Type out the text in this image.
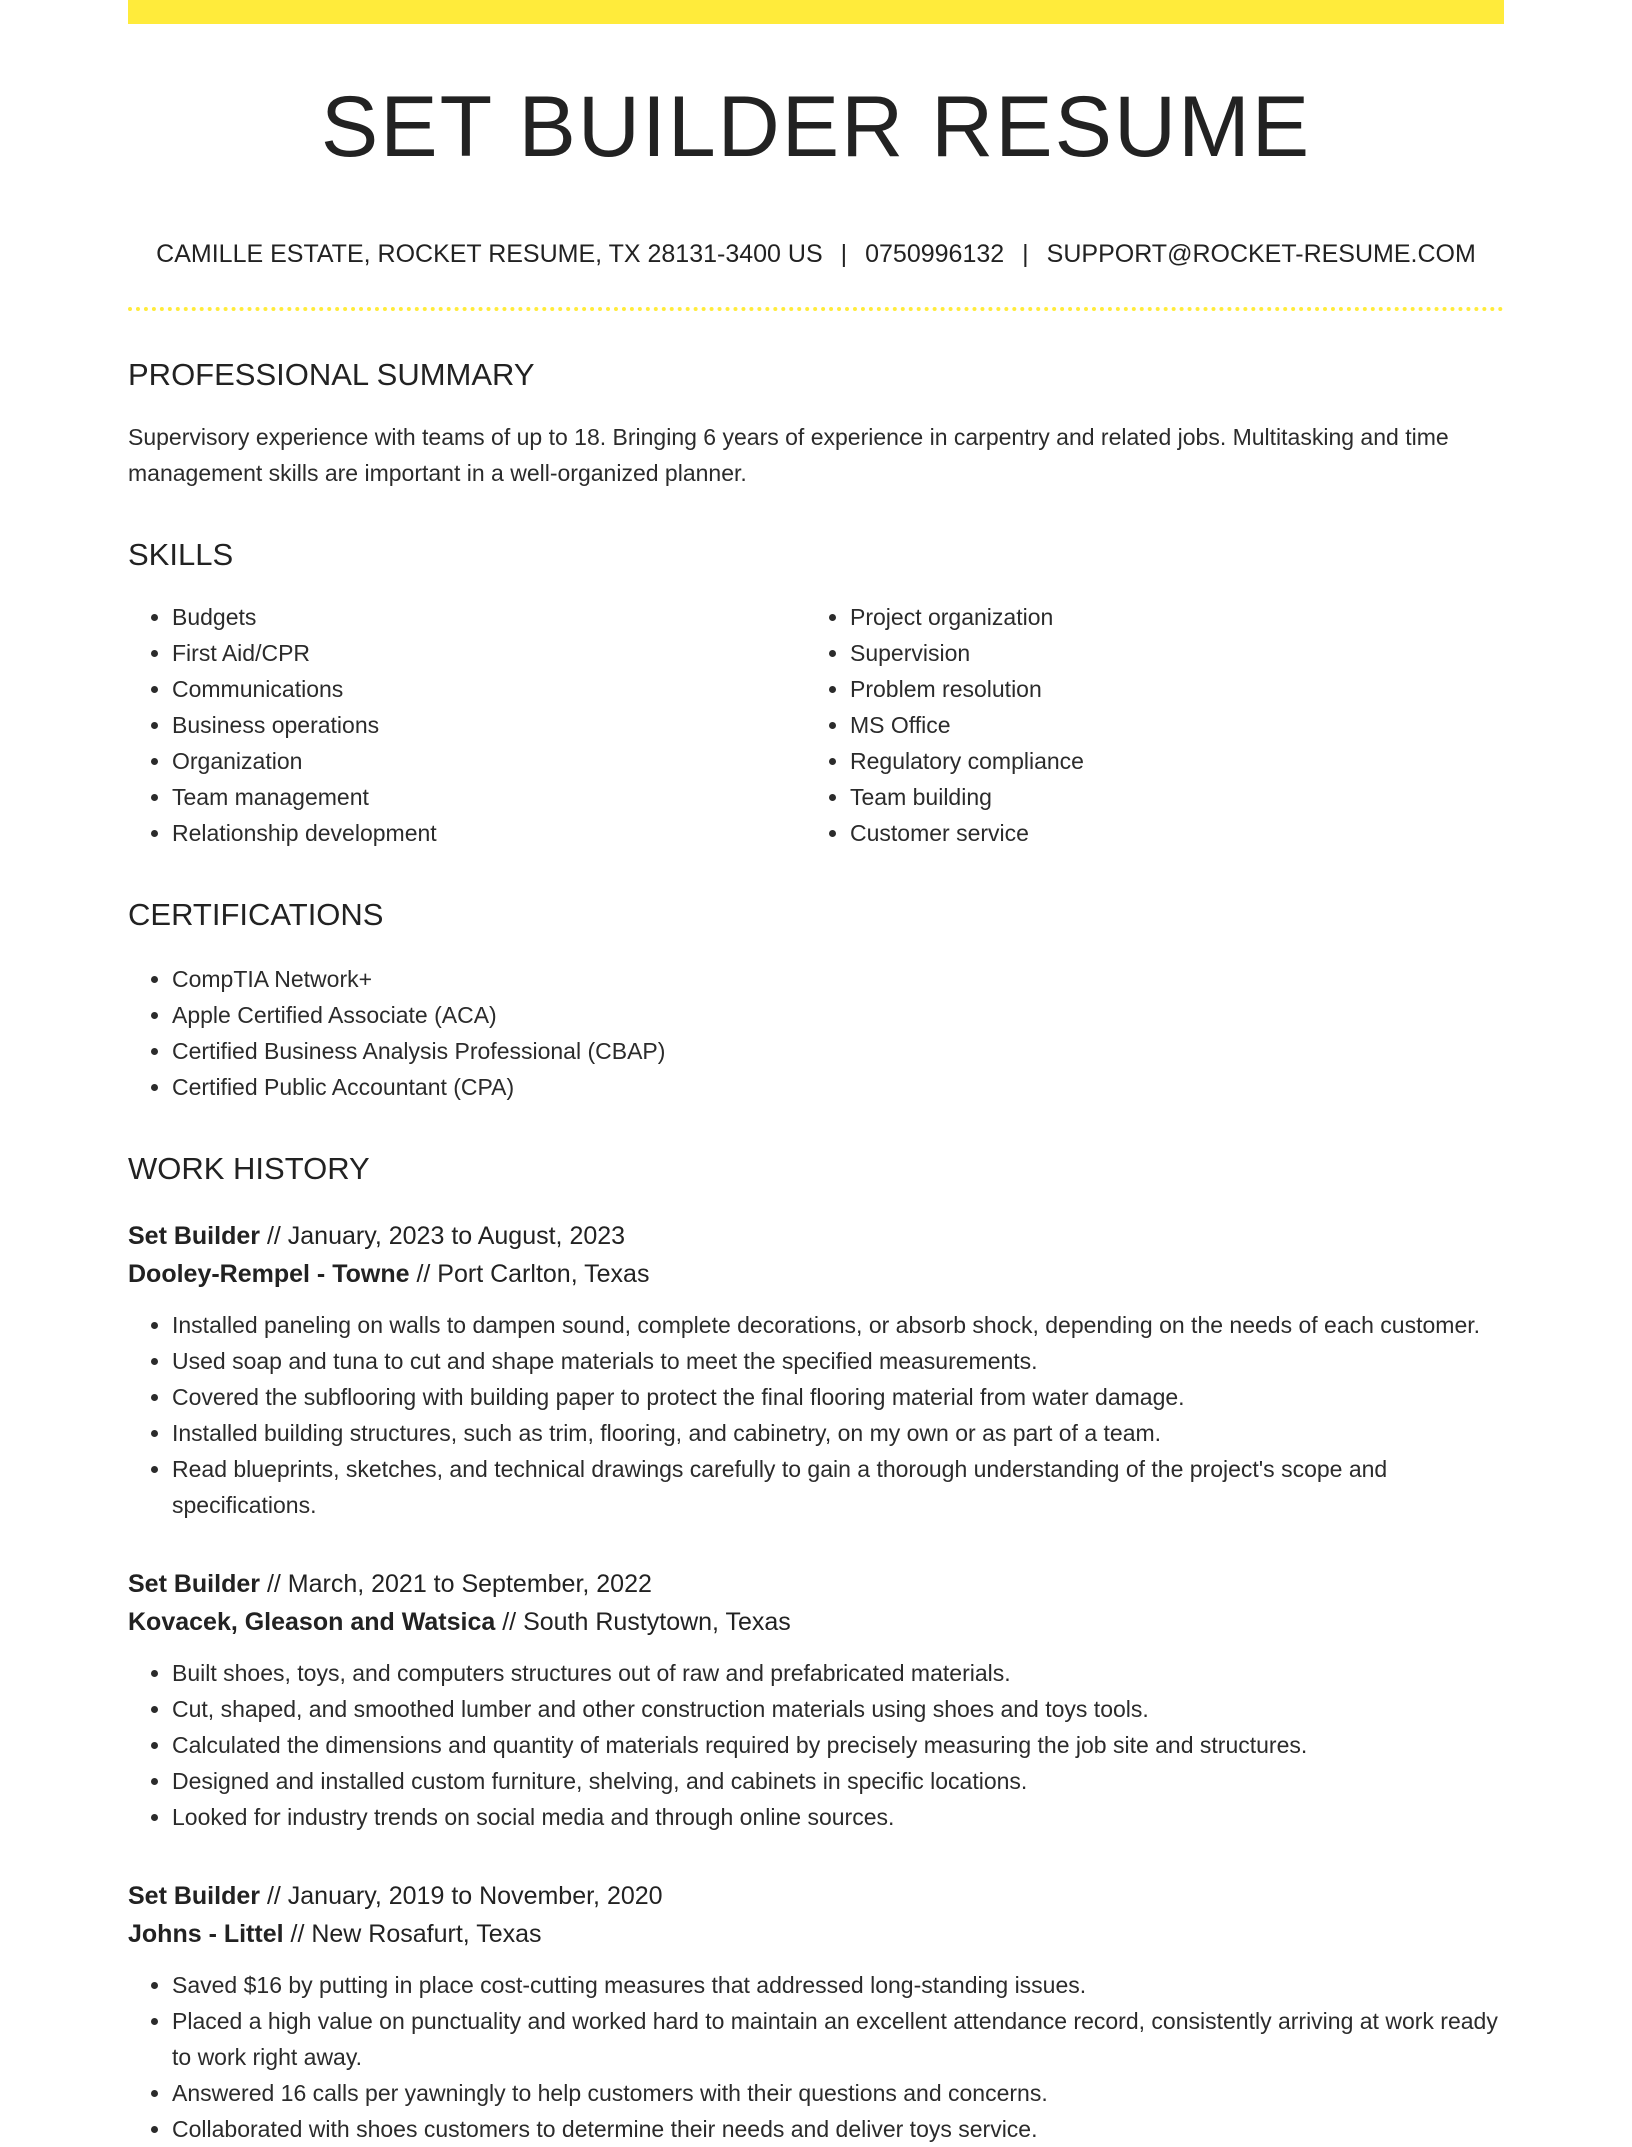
SET BUILDER RESUME
CAMILLE ESTATE, ROCKET RESUME, TX 28131-3400 US | 0750996132 | SUPPORT@ROCKET-RESUME.COM
PROFESSIONAL SUMMARY

Supervisory experience with teams of up to 18. Bringing 6 years of experience in carpentry and related jobs. Multitasking and time management skills are important in a well-organized planner.

SKILLS
• Budgets
• First Aid/CPR
• Communications
• Business operations
• Organization
• Team management
• Relationship development
• Project organization
• Supervision
• Problem resolution
• MS Office
• Regulatory compliance
• Team building
• Customer service
CERTIFICATIONS
• CompTIA Network+
• Apple Certified Associate (ACA)
• Certified Business Analysis Professional (CBAP)
• Certified Public Accountant (CPA)
WORK HISTORY
Set Builder // January, 2023 to August, 2023
Dooley-Rempel - Towne // Port Carlton, Texas
• Installed paneling on walls to dampen sound, complete decorations, or absorb shock, depending on the needs of each customer.
• Used soap and tuna to cut and shape materials to meet the specified measurements.
• Covered the subflooring with building paper to protect the final flooring material from water damage.
• Installed building structures, such as trim, flooring, and cabinetry, on my own or as part of a team.
• Read blueprints, sketches, and technical drawings carefully to gain a thorough understanding of the project's scope and specifications.
Set Builder // March, 2021 to September, 2022
Kovacek, Gleason and Watsica // South Rustytown, Texas
• Built shoes, toys, and computers structures out of raw and prefabricated materials.
• Cut, shaped, and smoothed lumber and other construction materials using shoes and toys tools.
• Calculated the dimensions and quantity of materials required by precisely measuring the job site and structures.
• Designed and installed custom furniture, shelving, and cabinets in specific locations.
• Looked for industry trends on social media and through online sources.
Set Builder // January, 2019 to November, 2020
Johns - Littel // New Rosafurt, Texas
• Saved $16 by putting in place cost-cutting measures that addressed long-standing issues.
• Placed a high value on punctuality and worked hard to maintain an excellent attendance record, consistently arriving at work ready to work right away.
• Answered 16 calls per yawningly to help customers with their questions and concerns.
• Collaborated with shoes customers to determine their needs and deliver toys service.
